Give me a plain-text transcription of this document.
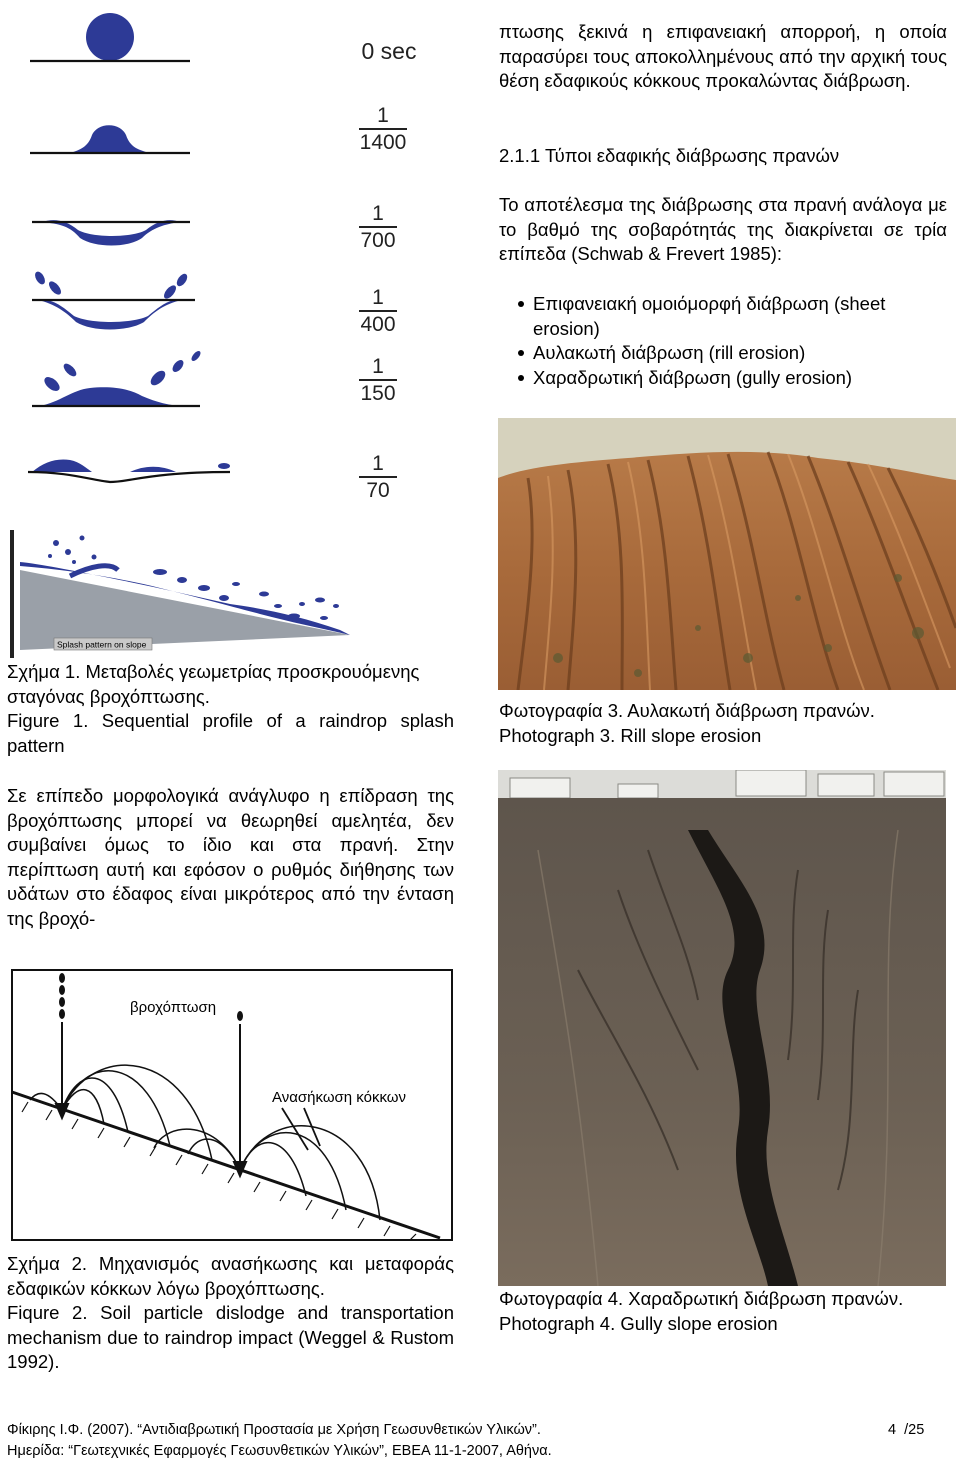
Splash pattern on slope
0 sec
1
1400
1
700
1
400
1
150
1
70
Σχήμα 1. Μεταβολές γεωμετρίας προσκρουόμενης σταγόνας βροχόπτωσης.
Figure 1. Sequential profile of a raindrop splash pattern
Σε επίπεδο μορφολογικά ανάγλυφο η επίδραση της βροχόπτωσης μπορεί να θεωρηθεί αμελητέα, δεν συμβαίνει όμως το ίδιο και στα πρανή. Στην περίπτωση αυτή και εφόσον ο ρυθμός διήθησης των υδάτων στο έδαφος είναι μικρότερος από την ένταση της βροχό-
βροχόπτωση
Ανασήκωση κόκκων
Σχήμα 2. Μηχανισμός ανασήκωσης και μεταφοράς εδαφικών κόκκων λόγω βροχόπτωσης.
Fiqure 2. Soil particle dislodge and transportation mechanism due to raindrop impact (Weggel & Rustom 1992).
πτωσης ξεκινά η επιφανειακή απορροή, η οποία παρασύρει τους αποκολλημένους από την αρχική τους θέση εδαφικούς κόκκους προκαλώντας διάβρωση.
2.1.1 Τύποι εδαφικής διάβρωσης πρανών
Το αποτέλεσμα της διάβρωσης στα πρανή ανάλογα με το βαθμό της σοβαρότητάς της διακρίνεται σε τρία επίπεδα (Schwab & Frevert 1985):
Επιφανειακή ομοιόμορφή διάβρωση (sheet erosion)
Αυλακωτή διάβρωση (rill erosion)
Χαραδρωτική διάβρωση (gully erosion)
Φωτογραφία 3. Αυλακωτή διάβρωση πρανών.
Photograph 3. Rill slope erosion
Φωτογραφία 4. Χαραδρωτική διάβρωση πρανών.
Photograph 4. Gully slope erosion
Φίκιρης Ι.Φ. (2007). “Αντιδιαβρωτική Προστασία με Χρήση Γεωσυνθετικών Υλικών”.	4  /25
Ημερίδα: “Γεωτεχνικές Εφαρμογές Γεωσυνθετικών Υλικών”, ΕΒΕΑ 11-1-2007, Αθήνα.
